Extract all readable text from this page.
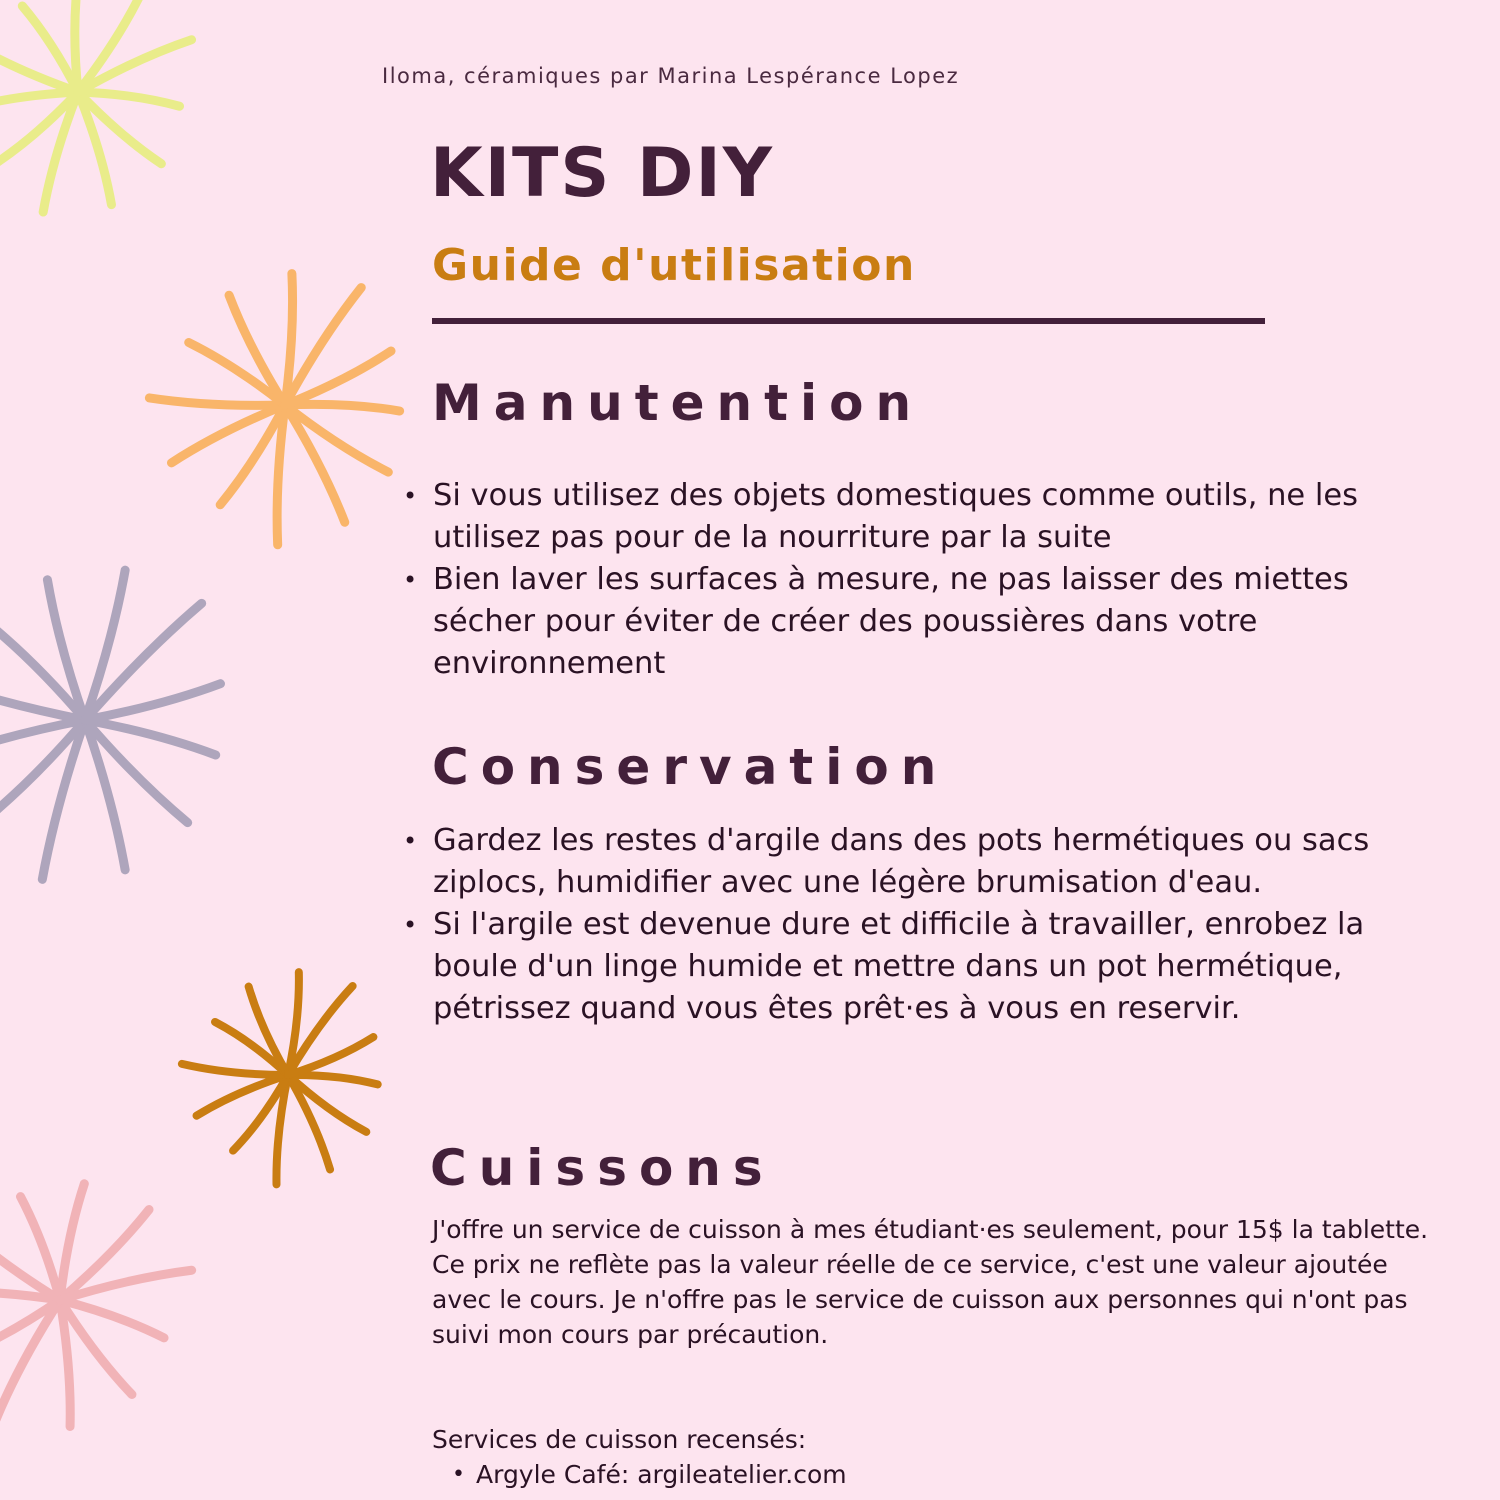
Iloma, céramiques par Marina Lespérance Lopez
KITS DIY
Guide d'utilisation
Manutention
• Si vous utilisez des objets domestiques comme outils, ne les utilisez pas pour de la nourriture par la suite
• Bien laver les surfaces à mesure, ne pas laisser des miettes sécher pour éviter de créer des poussières dans votre environnement
Conservation
• Gardez les restes d'argile dans des pots hermétiques ou sacs ziplocs, humidifier avec une légère brumisation d'eau.
• Si l'argile est devenue dure et difficile à travailler, enrobez la boule d'un linge humide et mettre dans un pot hermétique, pétrissez quand vous êtes prêt·es à vous en reservir.
Cuissons

J'offre un service de cuisson à mes étudiant·es seulement, pour 15$ la tablette. Ce prix ne reflète pas la valeur réelle de ce service, c'est une valeur ajoutée avec le cours. Je n'offre pas le service de cuisson aux personnes qui n'ont pas suivi mon cours par précaution.

Services de cuisson recensés:

• Argyle Café: argileatelier.com
